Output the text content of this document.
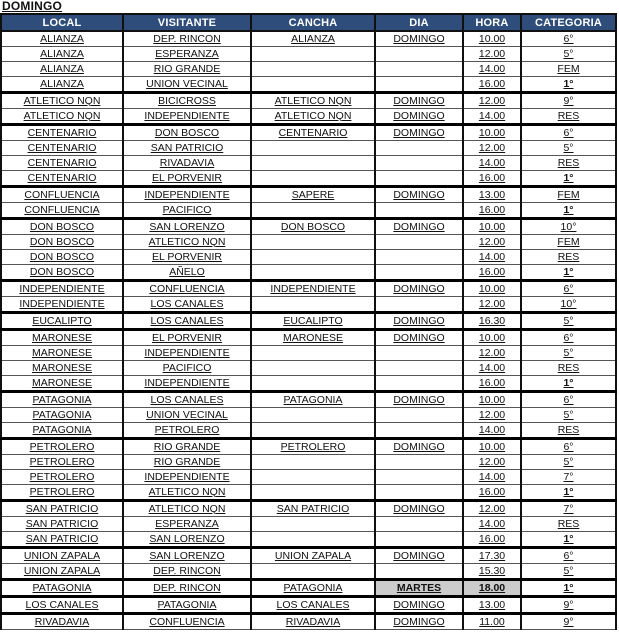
DOMINGO
LOCAL	VISITANTE	CANCHA	DIA	HORA	CATEGORIA
ALIANZA	DEP. RINCON	ALIANZA	DOMINGO	10.00	6°
ALIANZA	ESPERANZA			12.00	5°
ALIANZA	RIO GRANDE			14.00	FEM
ALIANZA	UNION VECINAL			16.00	1°
ATLETICO NQN	BICICROSS	ATLETICO NQN	DOMINGO	12.00	9°
ATLETICO NQN	INDEPENDIENTE	ATLETICO NQN	DOMINGO	14.00	RES
CENTENARIO	DON BOSCO	CENTENARIO	DOMINGO	10.00	6°
CENTENARIO	SAN PATRICIO			12.00	5°
CENTENARIO	RIVADAVIA			14.00	RES
CENTENARIO	EL PORVENIR			16.00	1°
CONFLUENCIA	INDEPENDIENTE	SAPERE	DOMINGO	13.00	FEM
CONFLUENCIA	PACIFICO			16.00	1°
DON BOSCO	SAN LORENZO	DON BOSCO	DOMINGO	10.00	10°
DON BOSCO	ATLETICO NQN			12.00	FEM
DON BOSCO	EL PORVENIR			14.00	RES
DON BOSCO	AÑELO			16.00	1°
INDEPENDIENTE	CONFLUENCIA	INDEPENDIENTE	DOMINGO	10.00	6°
INDEPENDIENTE	LOS CANALES			12.00	10°
EUCALIPTO	LOS CANALES	EUCALIPTO	DOMINGO	16.30	5°
MARONESE	EL PORVENIR	MARONESE	DOMINGO	10.00	6°
MARONESE	INDEPENDIENTE			12.00	5°
MARONESE	PACIFICO			14.00	RES
MARONESE	INDEPENDIENTE			16.00	1°
PATAGONIA	LOS CANALES	PATAGONIA	DOMINGO	10.00	6°
PATAGONIA	UNION VECINAL			12.00	5°
PATAGONIA	PETROLERO			14.00	RES
PETROLERO	RIO GRANDE	PETROLERO	DOMINGO	10.00	6°
PETROLERO	RIO GRANDE			12.00	5°
PETROLERO	INDEPENDIENTE			14.00	7°
PETROLERO	ATLETICO NQN			16.00	1°
SAN PATRICIO	ATLETICO NQN	SAN PATRICIO	DOMINGO	12.00	7°
SAN PATRICIO	ESPERANZA			14.00	RES
SAN PATRICIO	SAN LORENZO			16.00	1°
UNION ZAPALA	SAN LORENZO	UNION ZAPALA	DOMINGO	17.30	6°
UNION ZAPALA	DEP. RINCON			15.30	5°
PATAGONIA	DEP. RINCON	PATAGONIA	MARTES	18.00	1°
LOS CANALES	PATAGONIA	LOS CANALES	DOMINGO	13.00	9°
RIVADAVIA	CONFLUENCIA	RIVADAVIA	DOMINGO	11.00	9°
